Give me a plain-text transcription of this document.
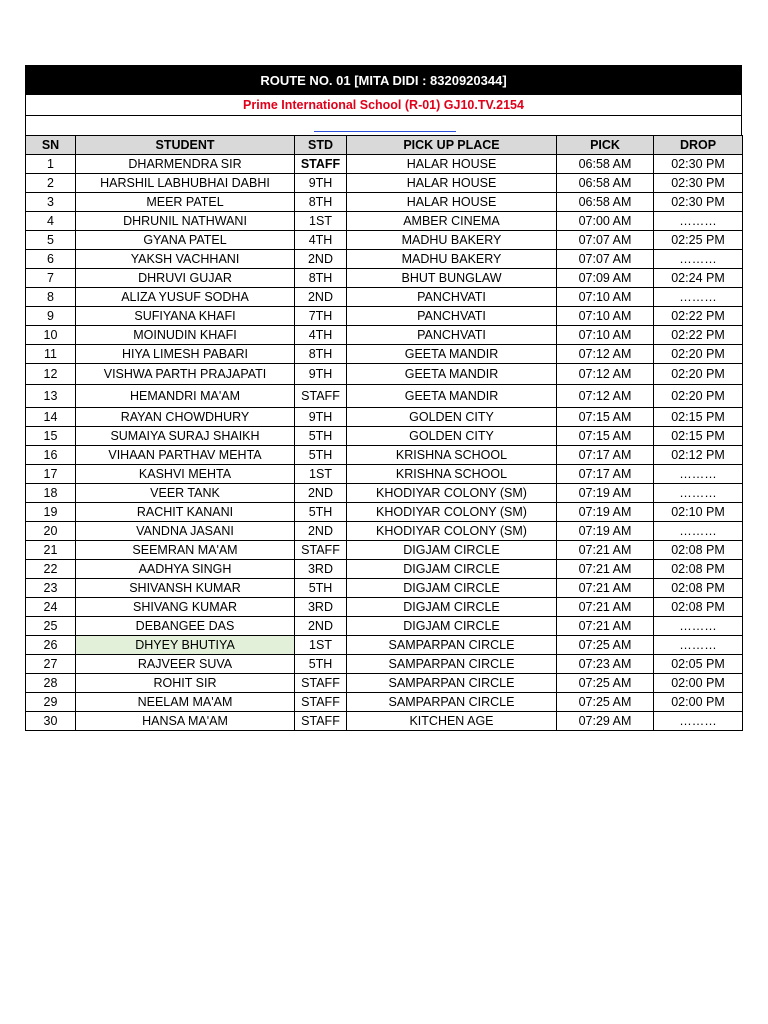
ROUTE NO. 01 [MITA DIDI : 8320920344]
Prime International School (R-01) GJ10.TV.2154
SN	STUDENT	STD	PICK UP PLACE	PICK	DROP
1	DHARMENDRA SIR	STAFF	HALAR HOUSE	06:58 AM	02:30 PM
2	HARSHIL LABHUBHAI DABHI	9TH	HALAR HOUSE	06:58 AM	02:30 PM
3	MEER PATEL	8TH	HALAR HOUSE	06:58 AM	02:30 PM
4	DHRUNIL NATHWANI	1ST	AMBER CINEMA	07:00 AM	………
5	GYANA PATEL	4TH	MADHU BAKERY	07:07 AM	02:25 PM
6	YAKSH VACHHANI	2ND	MADHU BAKERY	07:07 AM	………
7	DHRUVI GUJAR	8TH	BHUT BUNGLAW	07:09 AM	02:24 PM
8	ALIZA YUSUF SODHA	2ND	PANCHVATI	07:10 AM	………
9	SUFIYANA KHAFI	7TH	PANCHVATI	07:10 AM	02:22 PM
10	MOINUDIN KHAFI	4TH	PANCHVATI	07:10 AM	02:22 PM
11	HIYA LIMESH PABARI	8TH	GEETA MANDIR	07:12 AM	02:20 PM
12	VISHWA PARTH PRAJAPATI	9TH	GEETA MANDIR	07:12 AM	02:20 PM
13	HEMANDRI MA'AM	STAFF	GEETA MANDIR	07:12 AM	02:20 PM
14	RAYAN CHOWDHURY	9TH	GOLDEN CITY	07:15 AM	02:15 PM
15	SUMAIYA SURAJ SHAIKH	5TH	GOLDEN CITY	07:15 AM	02:15 PM
16	VIHAAN PARTHAV MEHTA	5TH	KRISHNA SCHOOL	07:17 AM	02:12 PM
17	KASHVI MEHTA	1ST	KRISHNA SCHOOL	07:17 AM	………
18	VEER TANK	2ND	KHODIYAR COLONY (SM)	07:19 AM	………
19	RACHIT KANANI	5TH	KHODIYAR COLONY (SM)	07:19 AM	02:10 PM
20	VANDNA JASANI	2ND	KHODIYAR COLONY (SM)	07:19 AM	………
21	SEEMRAN MA'AM	STAFF	DIGJAM CIRCLE	07:21 AM	02:08 PM
22	AADHYA SINGH	3RD	DIGJAM CIRCLE	07:21 AM	02:08 PM
23	SHIVANSH KUMAR	5TH	DIGJAM CIRCLE	07:21 AM	02:08 PM
24	SHIVANG KUMAR	3RD	DIGJAM CIRCLE	07:21 AM	02:08 PM
25	DEBANGEE DAS	2ND	DIGJAM CIRCLE	07:21 AM	………
26	DHYEY BHUTIYA	1ST	SAMPARPAN CIRCLE	07:25 AM	………
27	RAJVEER SUVA	5TH	SAMPARPAN CIRCLE	07:23 AM	02:05 PM
28	ROHIT SIR	STAFF	SAMPARPAN CIRCLE	07:25 AM	02:00 PM
29	NEELAM MA'AM	STAFF	SAMPARPAN CIRCLE	07:25 AM	02:00 PM
30	HANSA MA'AM	STAFF	KITCHEN AGE	07:29 AM	………
